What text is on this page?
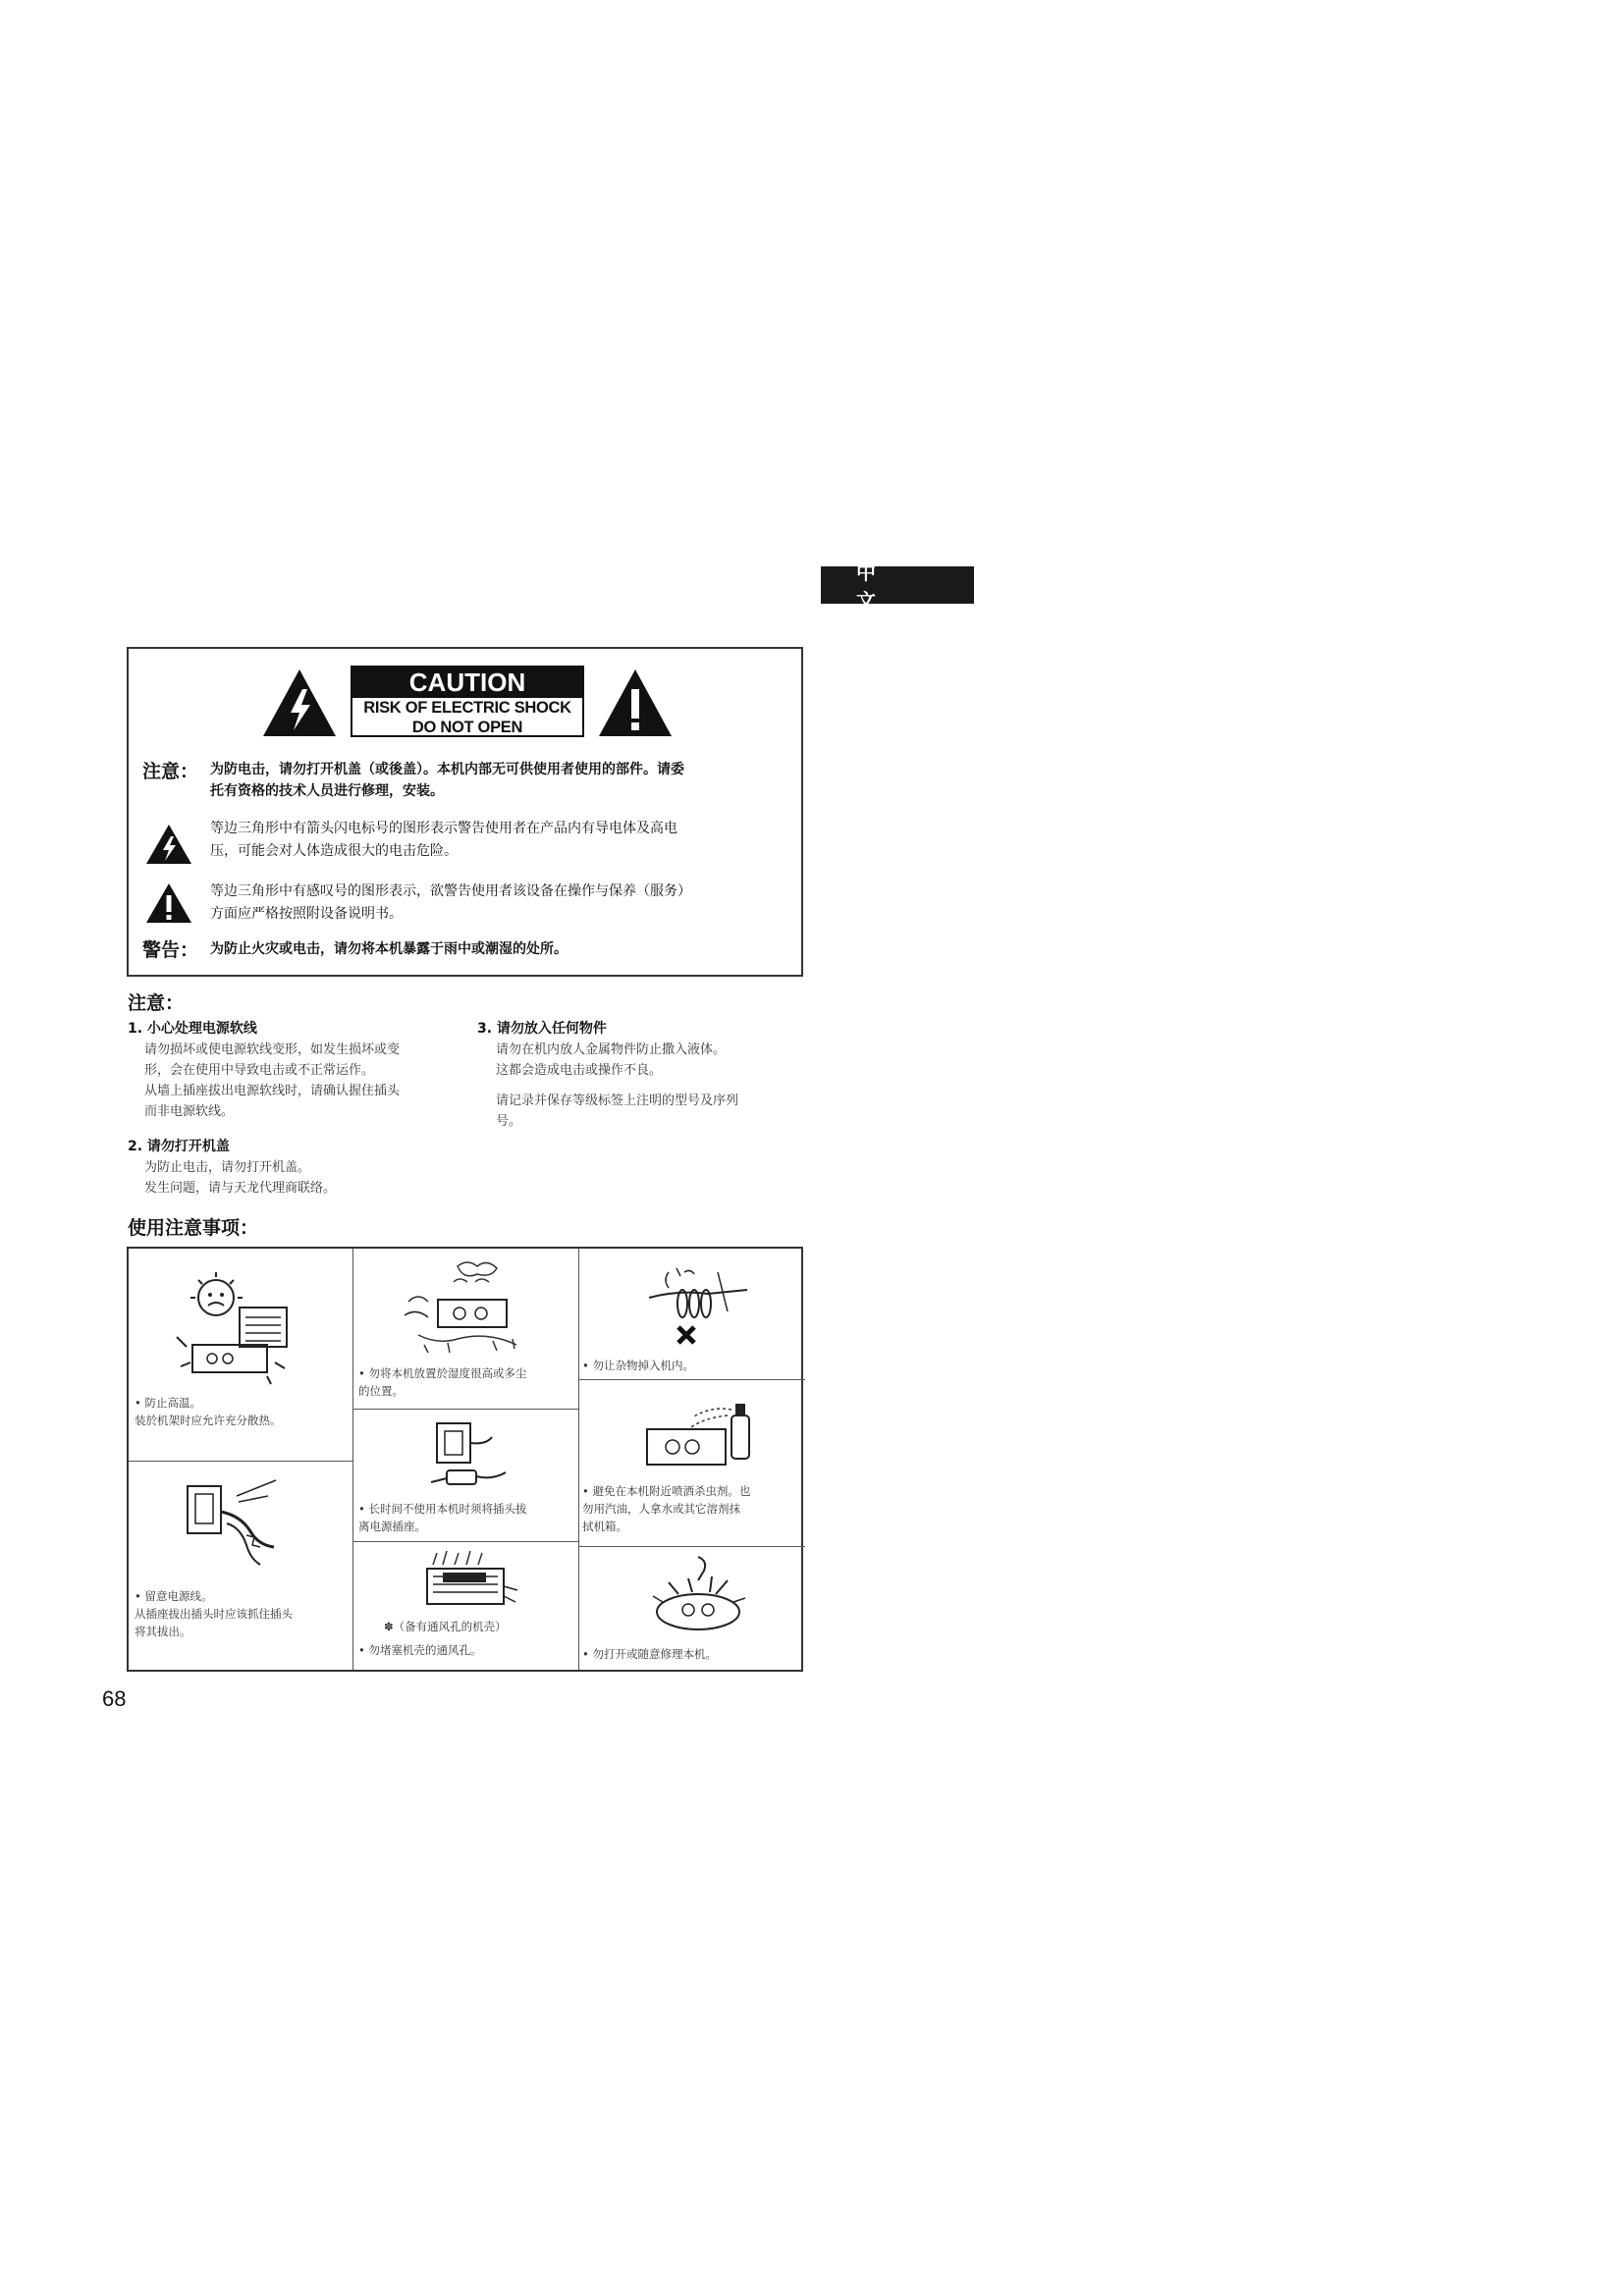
中 文
CAUTION
RISK OF ELECTRIC SHOCK
DO NOT OPEN
注意： 为防电击，请勿打开机盖（或後盖）。本机内部无可供使用者使用的部件。请委
托有资格的技术人员进行修理，安装。
等边三角形中有箭头闪电标号的图形表示警告使用者在产品内有导电体及高电
压，可能会对人体造成很大的电击危险。
等边三角形中有感叹号的图形表示，欲警告使用者该设备在操作与保养（服务）
方面应严格按照附设备说明书。
警告： 为防止火灾或电击，请勿将本机暴露于雨中或潮湿的处所。
注意：
1. 小心处理电源软线
请勿损坏或使电源软线变形，如发生损坏或变
形，会在使用中导致电击或不正常运作。
从墙上插座拔出电源软线时，请确认握住插头
而非电源软线。
2. 请勿打开机盖
为防止电击，请勿打开机盖。
发生问题，请与天龙代理商联络。
3. 请勿放入任何物件
请勿在机内放人金属物件防止撒入液体。
这都会造成电击或操作不良。
请记录并保存等级标签上注明的型号及序列
号。
使用注意事项：
• 防止高温。
装於机架时应允许充分散热。
• 留意电源线。
从插座拔出插头时应该抓住插头
将其拔出。
• 勿将本机放置於湿度很高或多尘
的位置。
• 长时间不使用本机时须将插头拔
离电源插座。
✽（备有通风孔的机壳）
• 勿堵塞机壳的通风孔。
• 勿让杂物掉入机内。
• 避免在本机附近喷洒杀虫剂。也
勿用汽油，人拿水或其它溶剂抹
拭机箱。
• 勿打开或随意修理本机。
68
